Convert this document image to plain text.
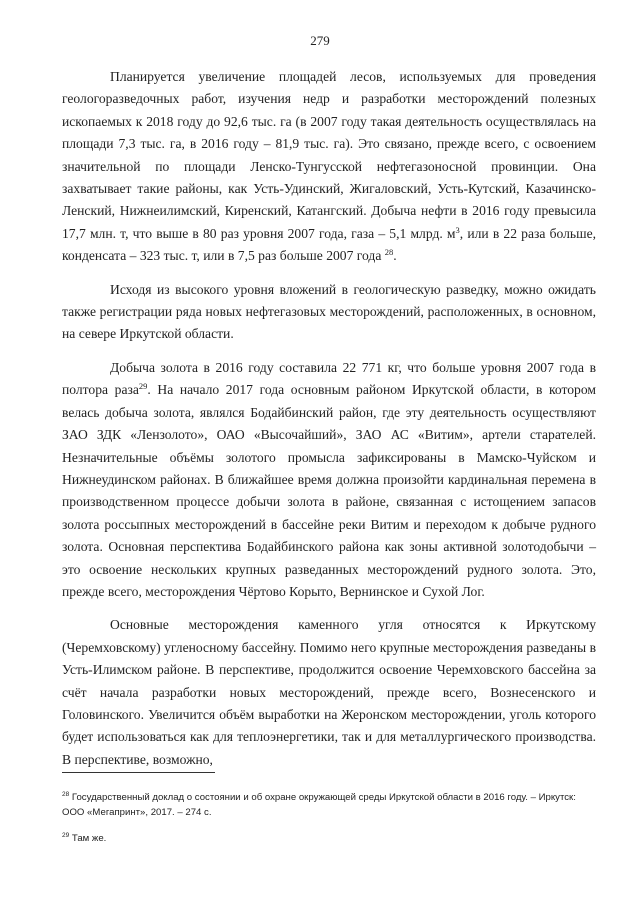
279

Планируется увеличение площадей лесов, используемых для проведения геологоразведочных работ, изучения недр и разработки месторождений полезных ископаемых к 2018 году до 92,6 тыс. га (в 2007 году такая деятельность осуществлялась на площади 7,3 тыс. га, в 2016 году – 81,9 тыс. га). Это связано, прежде всего, с освоением значительной по площади Ленско-Тунгусской нефтегазоносной провинции. Она захватывает такие районы, как Усть-Удинский, Жигаловский, Усть-Кутский, Казачинско-Ленский, Нижнеилимский, Киренский, Катангский. Добыча нефти в 2016 году превысила 17,7 млн. т, что выше в 80 раз уровня 2007 года, газа – 5,1 млрд. $м^3$, или в 22 раза больше, конденсата – 323 тыс. т, или в 7,5 раз больше 2007 года $^{28}$.

Исходя из высокого уровня вложений в геологическую разведку, можно ожидать также регистрации ряда новых нефтегазовых месторождений, расположенных, в основном, на севере Иркутской области.

Добыча золота в 2016 году составила 22 771 кг, что больше уровня 2007 года в полтора раза$^{29}$. На начало 2017 года основным районом Иркутской области, в котором велась добыча золота, являлся Бодайбинский район, где эту деятельность осуществляют ЗАО ЗДК «Лензолото», ОАО «Высочайший», ЗАО АС «Витим», артели старателей. Незначительные объёмы золотого промысла зафиксированы в Мамско-Чуйском и Нижнеудинском районах. В ближайшее время должна произойти кардинальная перемена в производственном процессе добычи золота в районе, связанная с истощением запасов золота россыпных месторождений в бассейне реки Витим и переходом к добыче рудного золота. Основная перспектива Бодайбинского района как зоны активной золотодобычи – это освоение нескольких крупных разведанных месторождений рудного золота. Это, прежде всего, месторождения Чёртово Корыто, Вернинское и Сухой Лог.

Основные месторождения каменного угля относятся к Иркутскому (Черемховскому) угленосному бассейну. Помимо него крупные месторождения разведаны в Усть-Илимском районе. В перспективе, продолжится освоение Черемховского бассейна за счёт начала разработки новых месторождений, прежде всего, Вознесенского и Головинского. Увеличится объём выработки на Жеронском месторождении, уголь которого будет использоваться как для теплоэнергетики, так и для металлургического производства. В перспективе, возможно,

$^{28}$ Государственный доклад о состоянии и об охране окружающей среды Иркутской области в 2016 году. – Иркутск: ООО «Мегапринт», 2017. – 274 с.

$^{29}$ Там же.
